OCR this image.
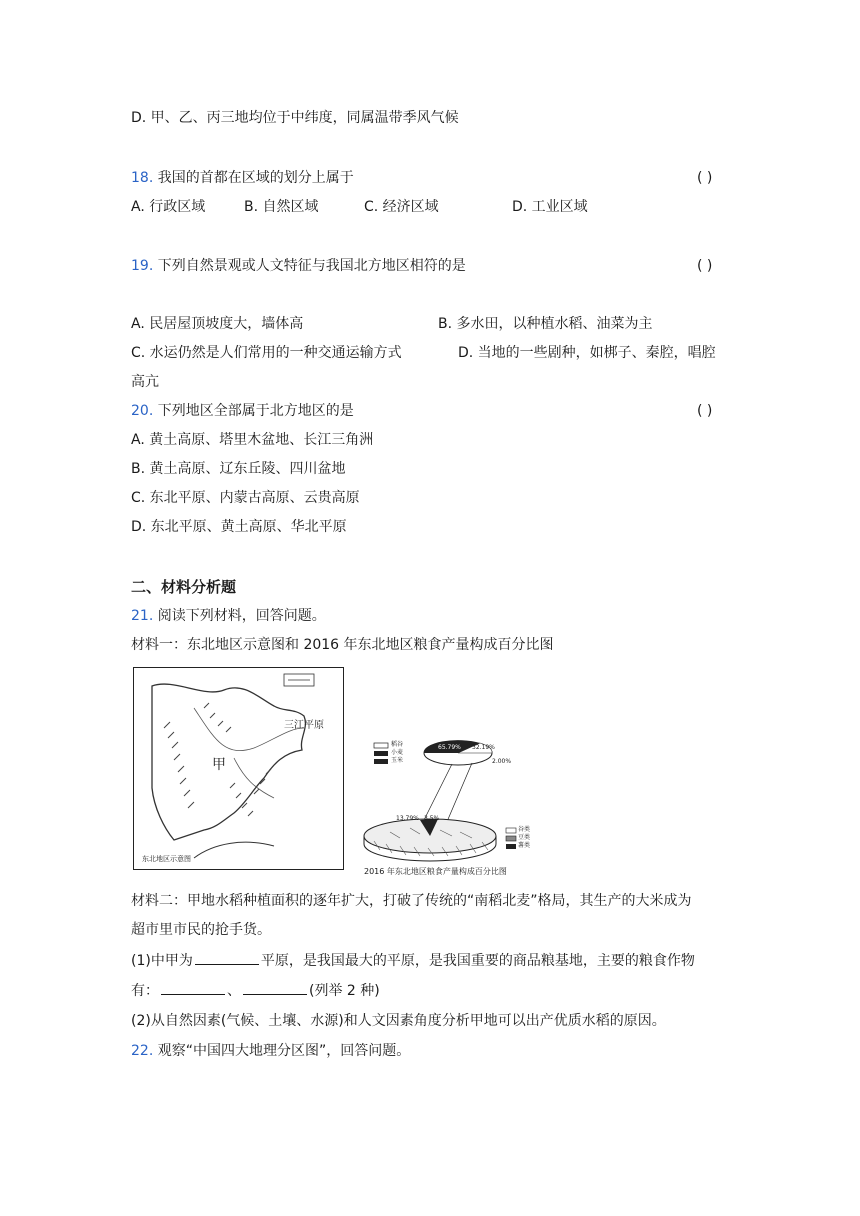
D. 甲、乙、丙三地均位于中纬度，同属温带季风气候
18. 我国的首都在区域的划分上属于	( )
A. 行政区域	B. 自然区域	C. 经济区域	D. 工业区域
19. 下列自然景观或人文特征与我国北方地区相符的是	( )
A. 民居屋顶坡度大，墙体高	B. 多水田，以种植水稻、油菜为主
C. 水运仍然是人们常用的一种交通运输方式	D. 当地的一些剧种，如梆子、秦腔，唱腔
高亢
20. 下列地区全部属于北方地区的是	( )
A. 黄土高原、塔里木盆地、长江三角洲
B. 黄土高原、辽东丘陵、四川盆地
C. 东北平原、内蒙古高原、云贵高原
D. 东北平原、黄土高原、华北平原
二、材料分析题
21. 阅读下列材料，回答问题。
材料一：东北地区示意图和 2016 年东北地区粮食产量构成百分比图
三江平原
甲
东北地区示意图
稻谷
小麦
玉米
65.79% 32.19%
2.00%
13.79% 3.5%
谷类
豆类
薯类
2016 年东北地区粮食产量构成百分比图
材料二：甲地水稻种植面积的逐年扩大，打破了传统的“南稻北麦”格局，其生产的大米成为
超市里市民的抢手货。
(1)中甲为	平原，是我国最大的平原，是我国重要的商品粮基地，主要的粮食作物
有：	、	(列举 2 种)
(2)从自然因素(气候、土壤、水源)和人文因素角度分析甲地可以出产优质水稻的原因。
22. 观察“中国四大地理分区图”，回答问题。
